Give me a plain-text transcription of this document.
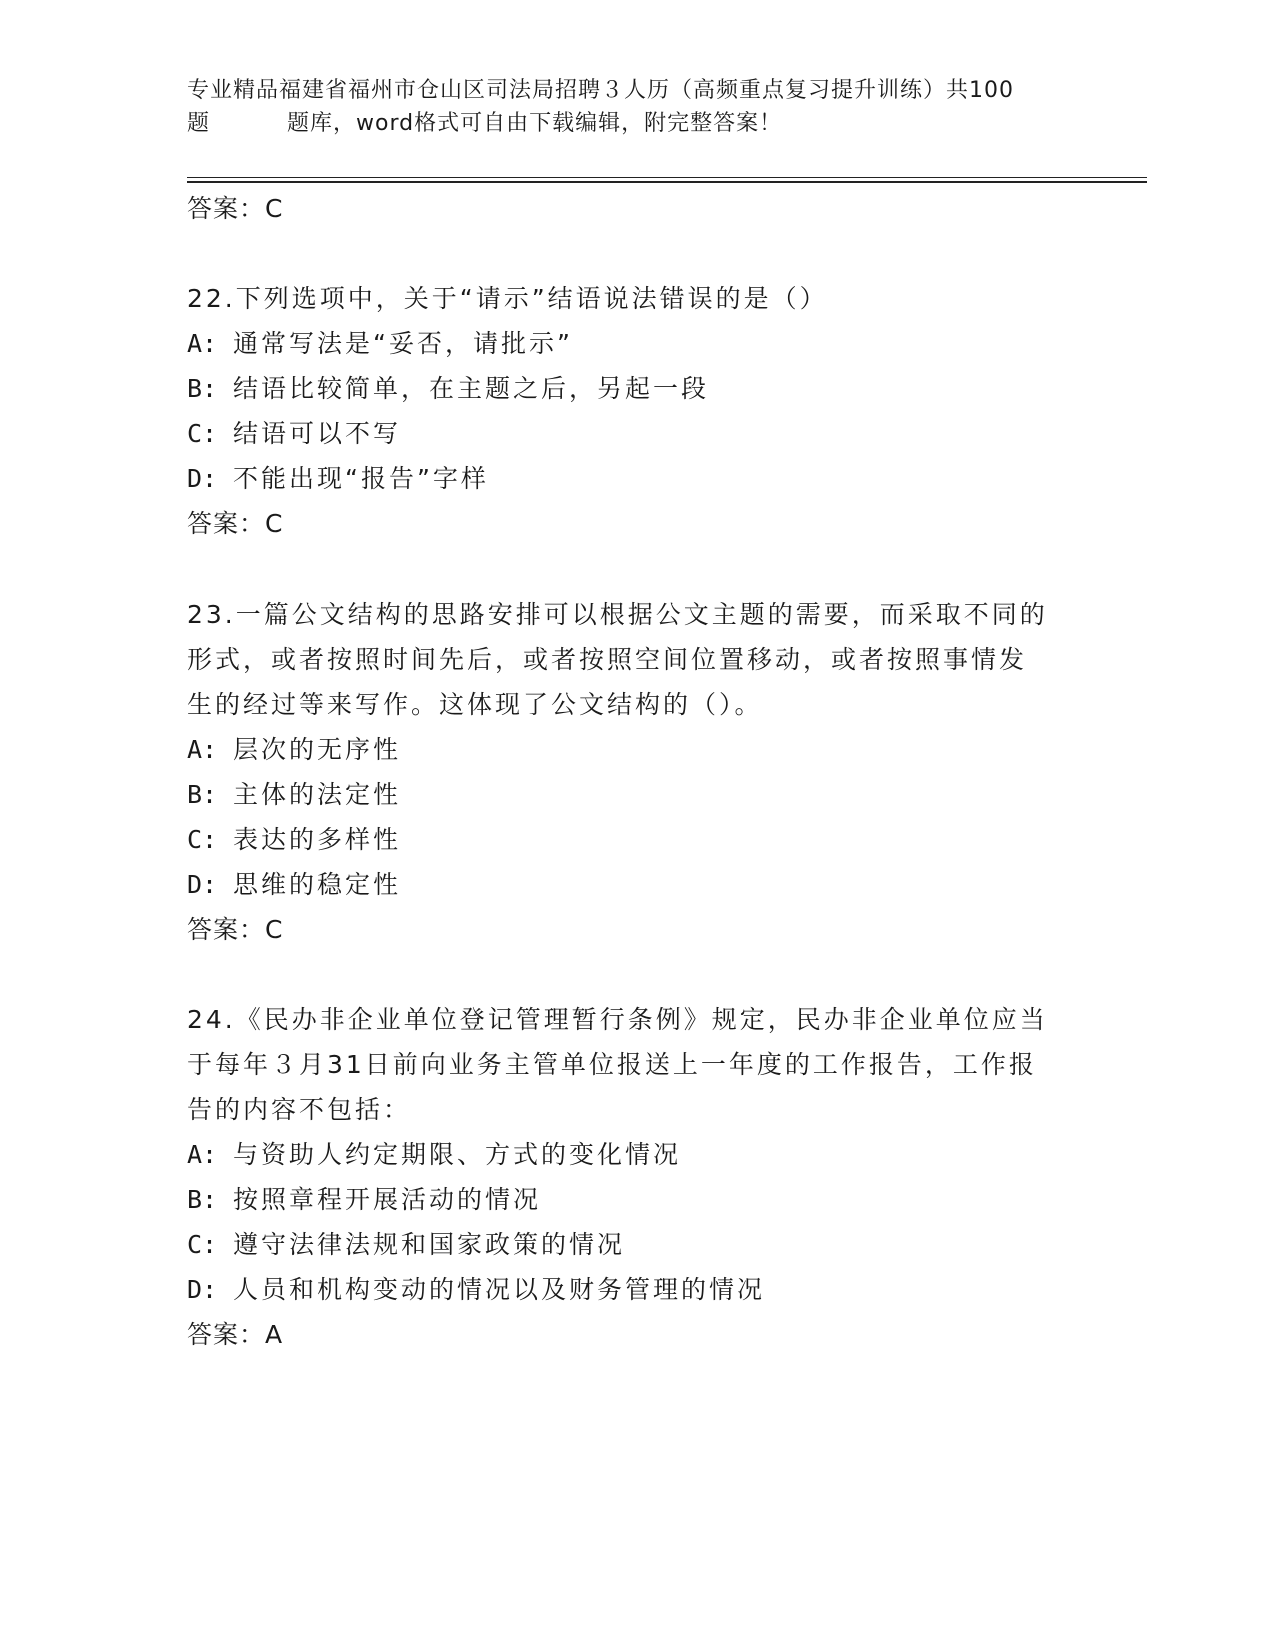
专业精品福建省福州市仓山区司法局招聘３人历（高频重点复习提升训练）共100
题	题库，word格式可自由下载编辑，附完整答案！
答案：C
22.下列选项中，关于“请示”结语说法错误的是（）
A: 通常写法是“妥否，请批示”
B: 结语比较简单，在主题之后，另起一段
C: 结语可以不写
D: 不能出现“报告”字样
答案：C
23.一篇公文结构的思路安排可以根据公文主题的需要，而采取不同的
形式，或者按照时间先后，或者按照空间位置移动，或者按照事情发
生的经过等来写作。这体现了公文结构的（）。
A: 层次的无序性
B: 主体的法定性
C: 表达的多样性
D: 思维的稳定性
答案：C
24.《民办非企业单位登记管理暂行条例》规定，民办非企业单位应当
于每年３月31日前向业务主管单位报送上一年度的工作报告，工作报
告的内容不包括：
A: 与资助人约定期限、方式的变化情况
B: 按照章程开展活动的情况
C: 遵守法律法规和国家政策的情况
D: 人员和机构变动的情况以及财务管理的情况
答案：A
